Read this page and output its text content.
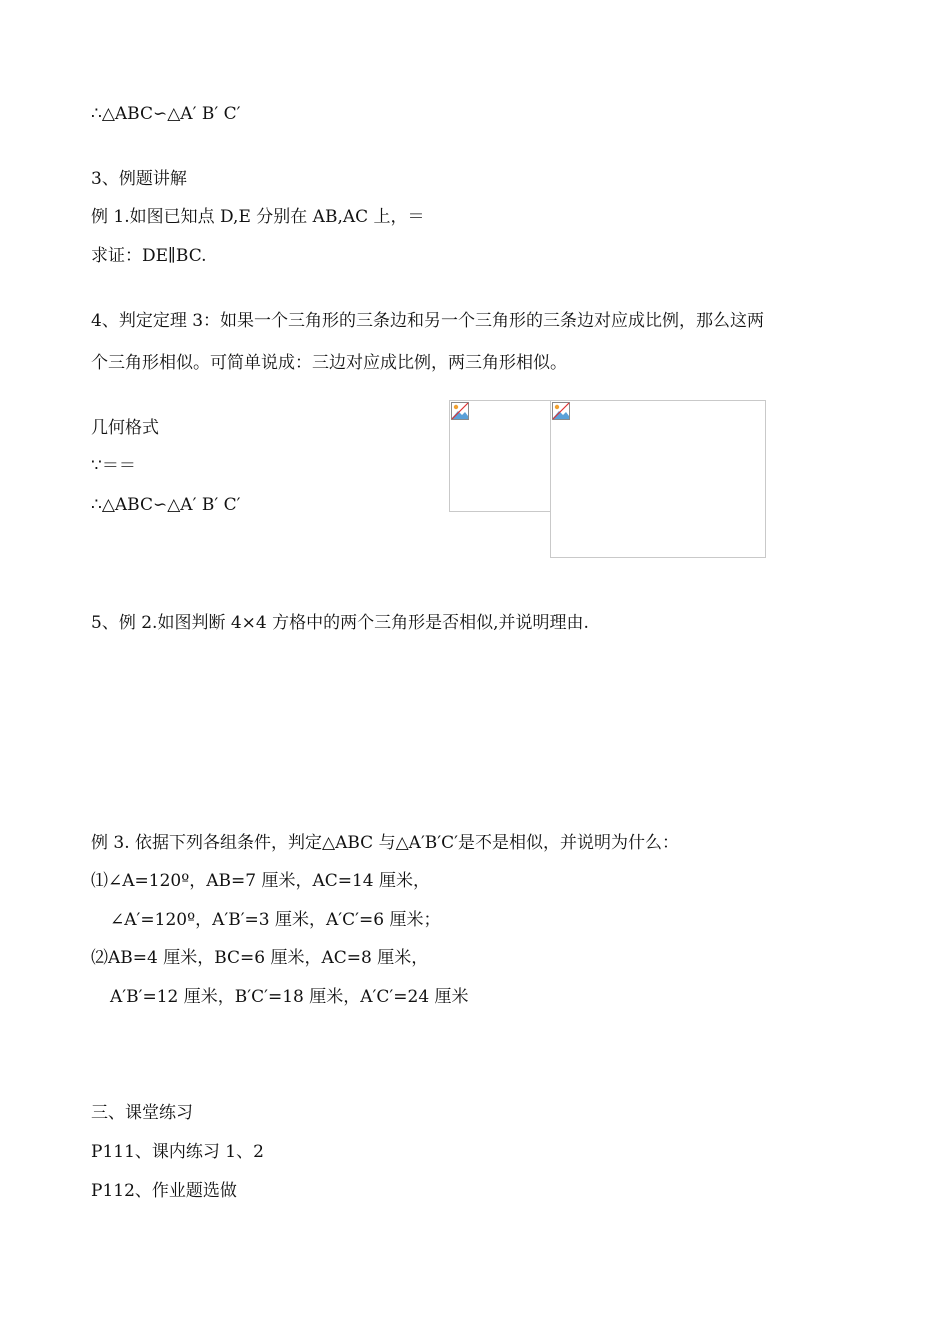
∴△ABC∽△A′ B′ C′
3、例题讲解
例 1.如图已知点 D,E 分别在 AB,AC 上，＝
求证：DE∥BC.
4、判定定理 3：如果一个三角形的三条边和另一个三角形的三条边对应成比例，那么这两
个三角形相似。可简单说成：三边对应成比例，两三角形相似。
几何格式
∵＝＝
∴△ABC∽△A′ B′ C′
5、例 2.如图判断 4×4 方格中的两个三角形是否相似,并说明理由.
例 3. 依据下列各组条件，判定△ABC 与△A′B′C′是不是相似，并说明为什么：
⑴∠A=120º，AB=7 厘米，AC=14 厘米，
∠A′=120º，A′B′=3 厘米，A′C′=6 厘米；
⑵AB=4 厘米，BC=6 厘米，AC=8 厘米，
A′B′=12 厘米，B′C′=18 厘米，A′C′=24 厘米
三、课堂练习
P111、课内练习 1、2
P112、作业题选做
